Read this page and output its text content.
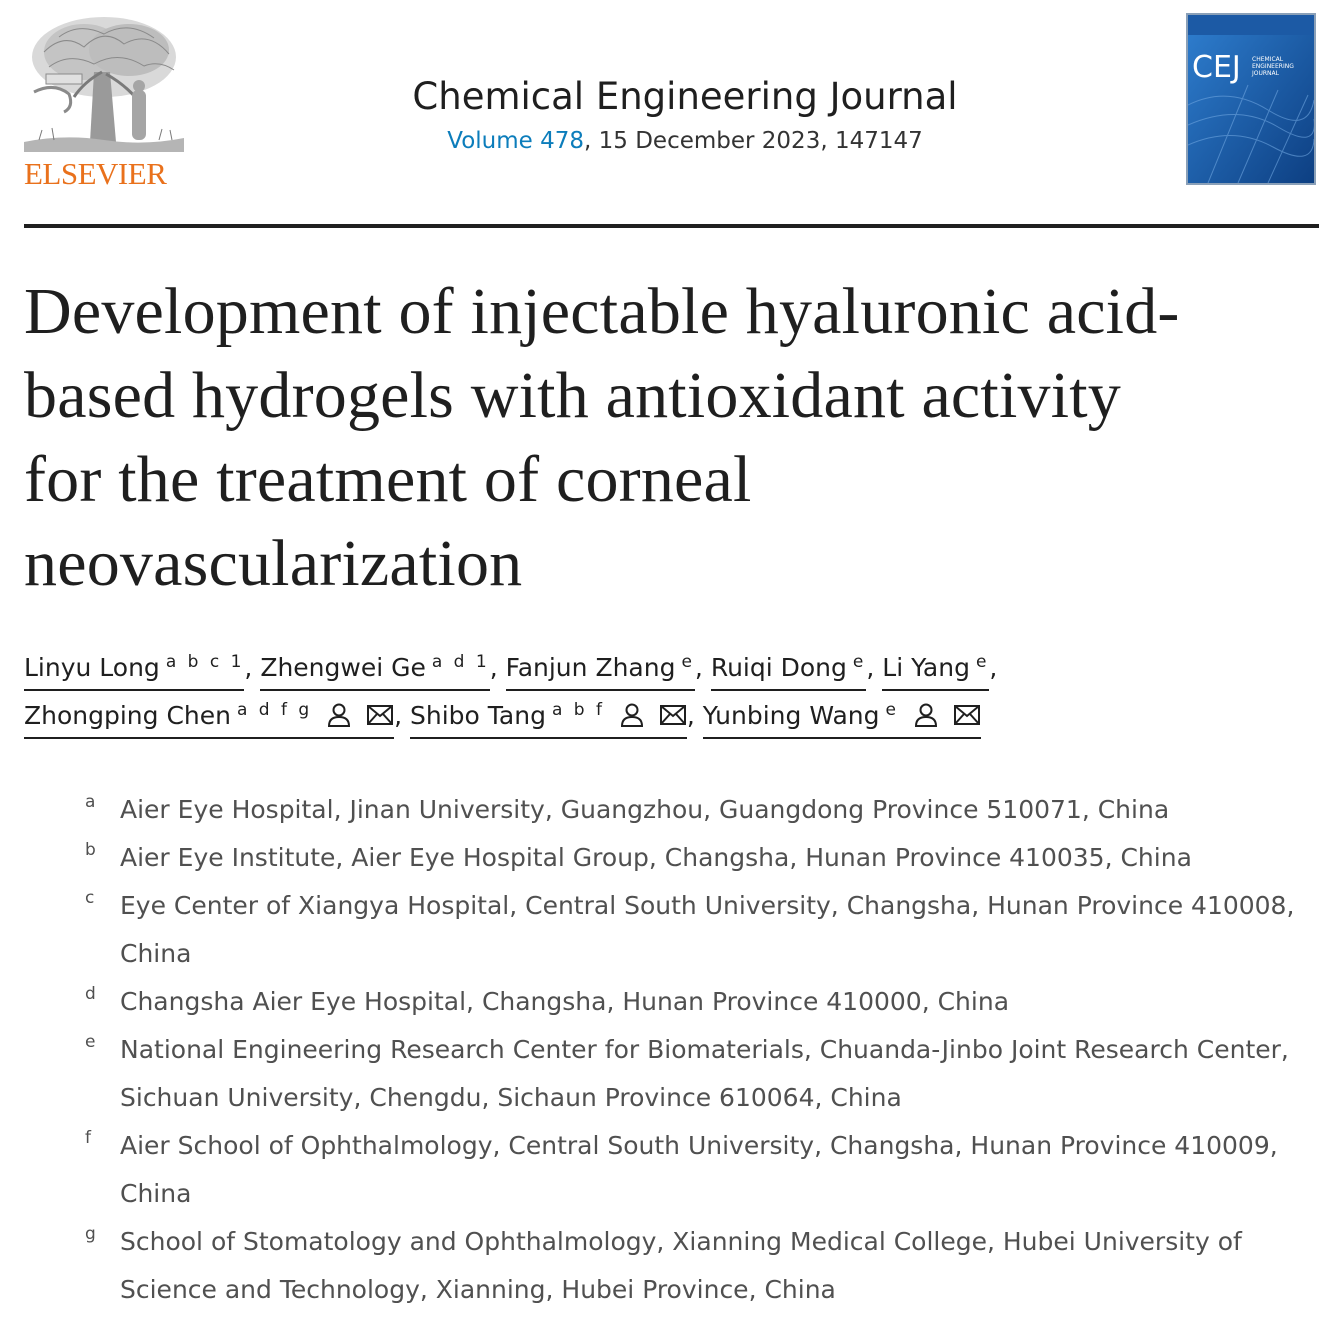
ELSEVIER
Chemical Engineering Journal
Volume 478, 15 December 2023, 147147
CEJ CHEMICAL
ENGINEERING
JOURNAL
Development of injectable hyaluronic acid-
based hydrogels with antioxidant activity
for the treatment of corneal
neovascularization
Linyu Long $^{a b c 1}$, Zhengwei Ge $^{a d 1}$, Fanjun Zhang $^e$, Ruiqi Dong $^e$, Li Yang $^e$,
Zhongping Chen $^{a d f g}$	, Shibo Tang $^{a b f}$	, Yunbing Wang $^e$
a Aier Eye Hospital, Jinan University, Guangzhou, Guangdong Province 510071, China
b Aier Eye Institute, Aier Eye Hospital Group, Changsha, Hunan Province 410035, China
c Eye Center of Xiangya Hospital, Central South University, Changsha, Hunan Province 410008, China
d Changsha Aier Eye Hospital, Changsha, Hunan Province 410000, China
e National Engineering Research Center for Biomaterials, Chuanda-Jinbo Joint Research Center, Sichuan University, Chengdu, Sichaun Province 610064, China
f Aier School of Ophthalmology, Central South University, Changsha, Hunan Province 410009, China
g School of Stomatology and Ophthalmology, Xianning Medical College, Hubei University of Science and Technology, Xianning, Hubei Province, China
